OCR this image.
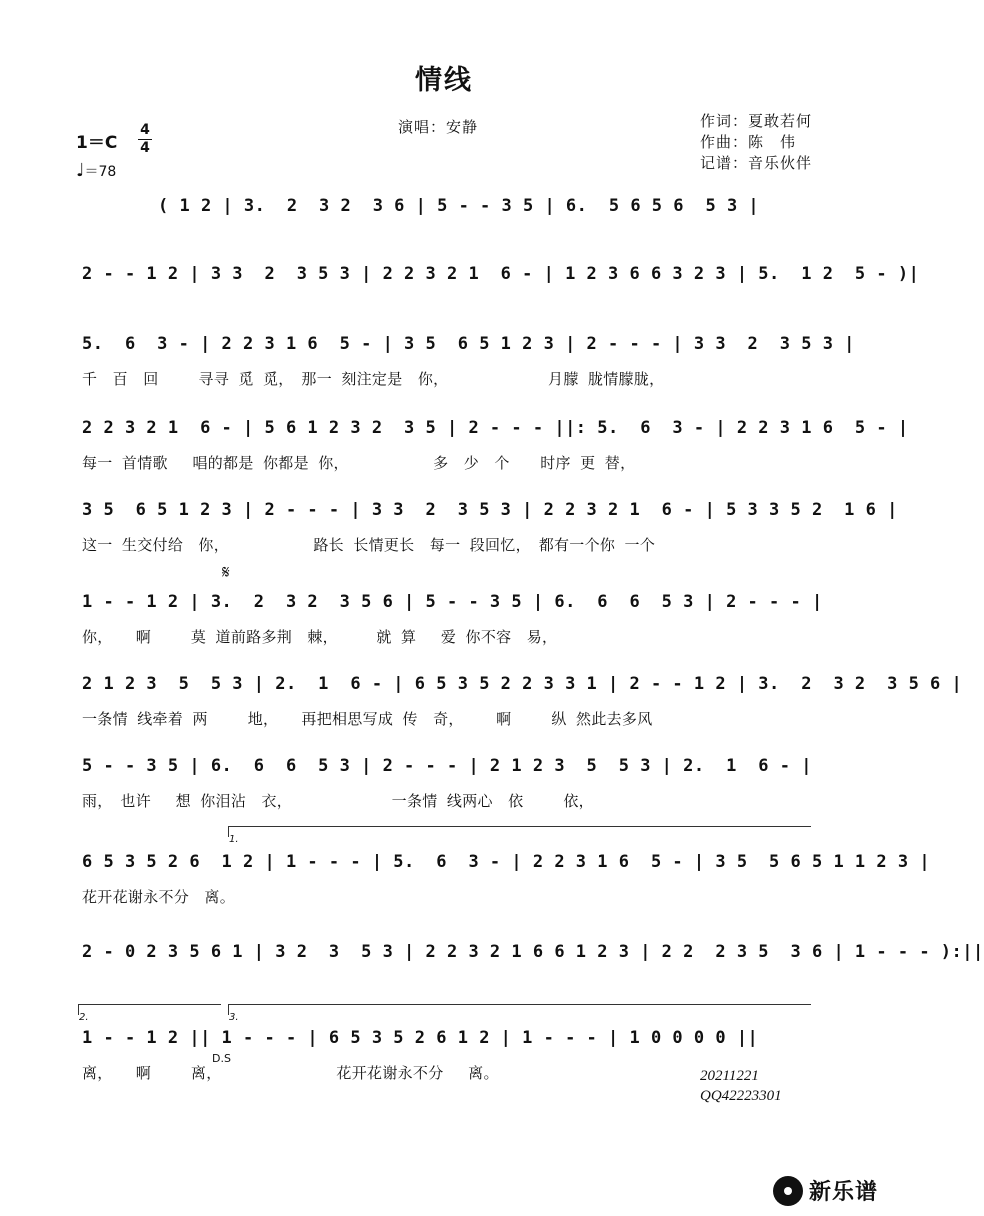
情线
演唱：安静	作词：夏敢若何
作曲：陈　伟
记谱：音乐伙伴
1＝C
4
4
♩＝78
( 1 2 | 3.  2  3 2  3 6 | 5 - - 3 5 | 6.  5 6 5 6  5 3 |
2 - - 1 2 | 3 3  2  3 5 3 | 2 2 3 2 1  6 - | 1 2 3 6 6 3 2 3 | 5.  1 2  5 - )|
5.  6  3 - | 2 2 3 1 6  5 - | 3 5  6 5 1 2 3 | 2 - - - | 3 3  2  3 5 3 |
千　百　回　　 寻寻 觅 觅，　那一 刻注定是　你，　　　　　　　月朦 胧情朦胧，
2 2 3 2 1  6 - | 5 6 1 2 3 2  3 5 | 2 - - - ||: 5.  6  3 - | 2 2 3 1 6  5 - |
每一 首情歌　 唱的都是 你都是 你，　　　　　　多　少　个　　时序 更 替，
3 5  6 5 1 2 3 | 2 - - - | 3 3  2  3 5 3 | 2 2 3 2 1  6 - | 5 3 3 5 2  1 6 |
这一 生交付给　你，　　　　　　路长 长情更长　每一 段回忆，　都有一个你 一个
𝄋
1 - - 1 2 | 3.  2  3 2  3 5 6 | 5 - - 3 5 | 6.  6  6  5 3 | 2 - - - |
你，　　啊　　 莫 道前路多荆　棘，　　　就 算　 爱 你不容　易，
2 1 2 3  5  5 3 | 2.  1  6 - | 6 5 3 5 2 2 3 3 1 | 2 - - 1 2 | 3.  2  3 2  3 5 6 |
一条情 线牵着 两　　 地，　　再把相思写成 传　奇，　　 啊　　 纵 然此去多风
5 - - 3 5 | 6.  6  6  5 3 | 2 - - - | 2 1 2 3  5  5 3 | 2.  1  6 - |
雨，　也许　 想 你泪沾　衣，　　　　　　　一条情 线两心　依　　 依，
1.
6 5 3 5 2 6  1 2 | 1 - - - | 5.  6  3 - | 2 2 3 1 6  5 - | 3 5  5 6 5 1 1 2 3 |
花开花谢永不分　离。
2 - 0 2 3 5 6 1 | 3 2  3  5 3 | 2 2 3 2 1 6 6 1 2 3 | 2 2  2 3 5  3 6 | 1 - - - ):||
2.	3.
1 - - 1 2 || 1 - - - | 6 5 3 5 2 6 1 2 | 1 - - - | 1 0 0 0 0 ||
D.S
离，　　啊　 　离，　　　　　　　　花开花谢永不分　 离。	20211221
QQ42223301
新乐谱
